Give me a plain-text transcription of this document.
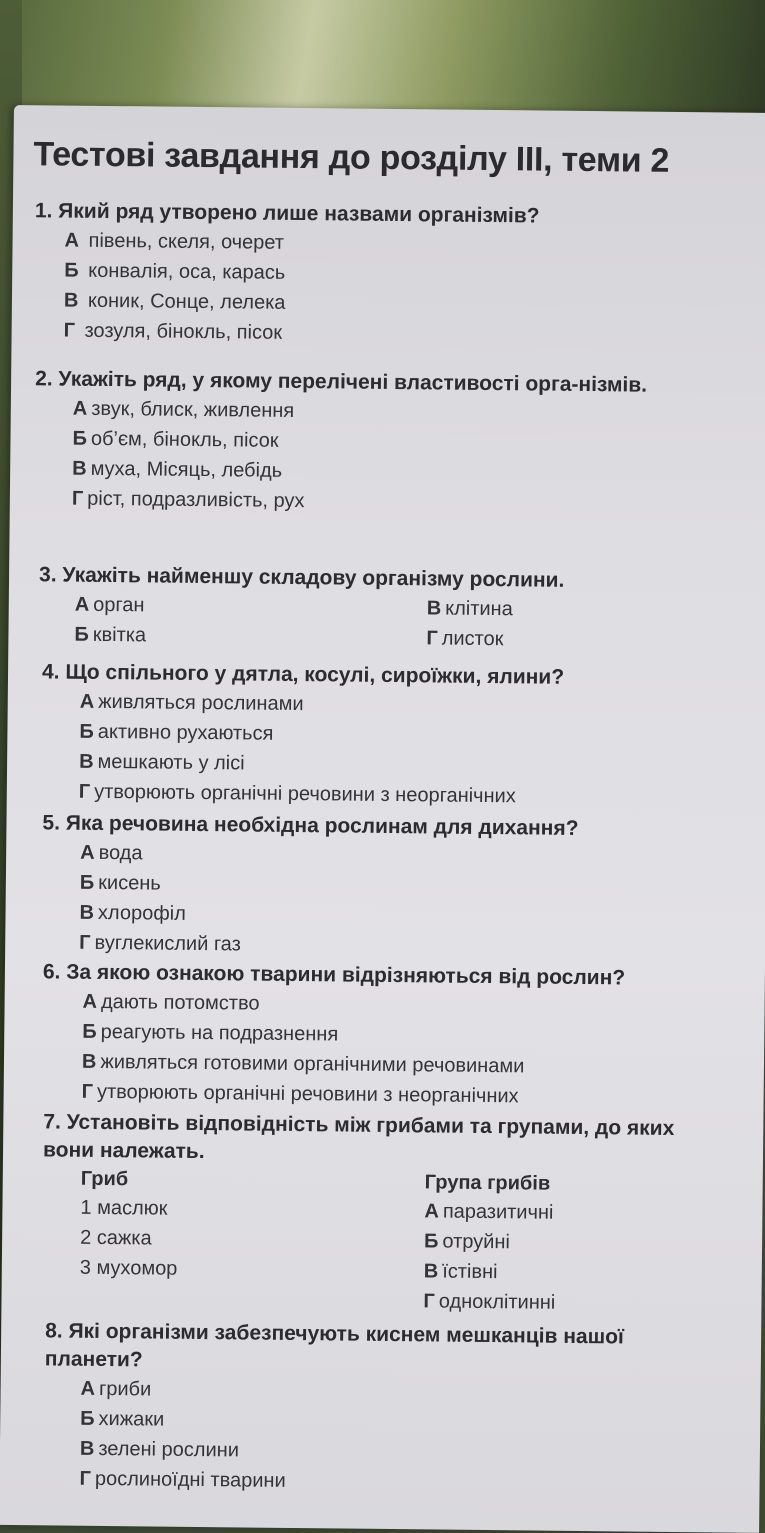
Тестові завдання до розділу ІІІ, теми 2
1. Який ряд утворено лише назвами організмів?
А півень, скеля, очерет
Б конвалія, оса, карась
В коник, Сонце, лелека
Г зозуля, бінокль, пісок
2. Укажіть ряд, у якому перелічені властивості орга-нізмів.
А звук, блиск, живлення
Б об’єм, бінокль, пісок
В муха, Місяць, лебідь
Г ріст, подразливість, рух
3. Укажіть найменшу складову організму рослини.
А орган
Б квітка
В клітина
Г листок
4. Що спільного у дятла, косулі, сироїжки, ялини?
А живляться рослинами
Б активно рухаються
В мешкають у лісі
Г утворюють органічні речовини з неорганічних
5. Яка речовина необхідна рослинам для дихання?
А вода
Б кисень
В хлорофіл
Г вуглекислий газ
6. За якою ознакою тварини відрізняються від рослин?
А дають потомство
Б реагують на подразнення
В живляться готовими органічними речовинами
Г утворюють органічні речовини з неорганічних
7. Установіть відповідність між грибами та групами, до яких вони належать.
Гриб
1 маслюк
2 сажка
3 мухомор
Група грибів
А паразитичні
Б отруйні
В їстівні
Г одноклітинні
8. Які організми забезпечують киснем мешканців нашої планети?
А гриби
Б хижаки
В зелені рослини
Г рослиноїдні тварини
